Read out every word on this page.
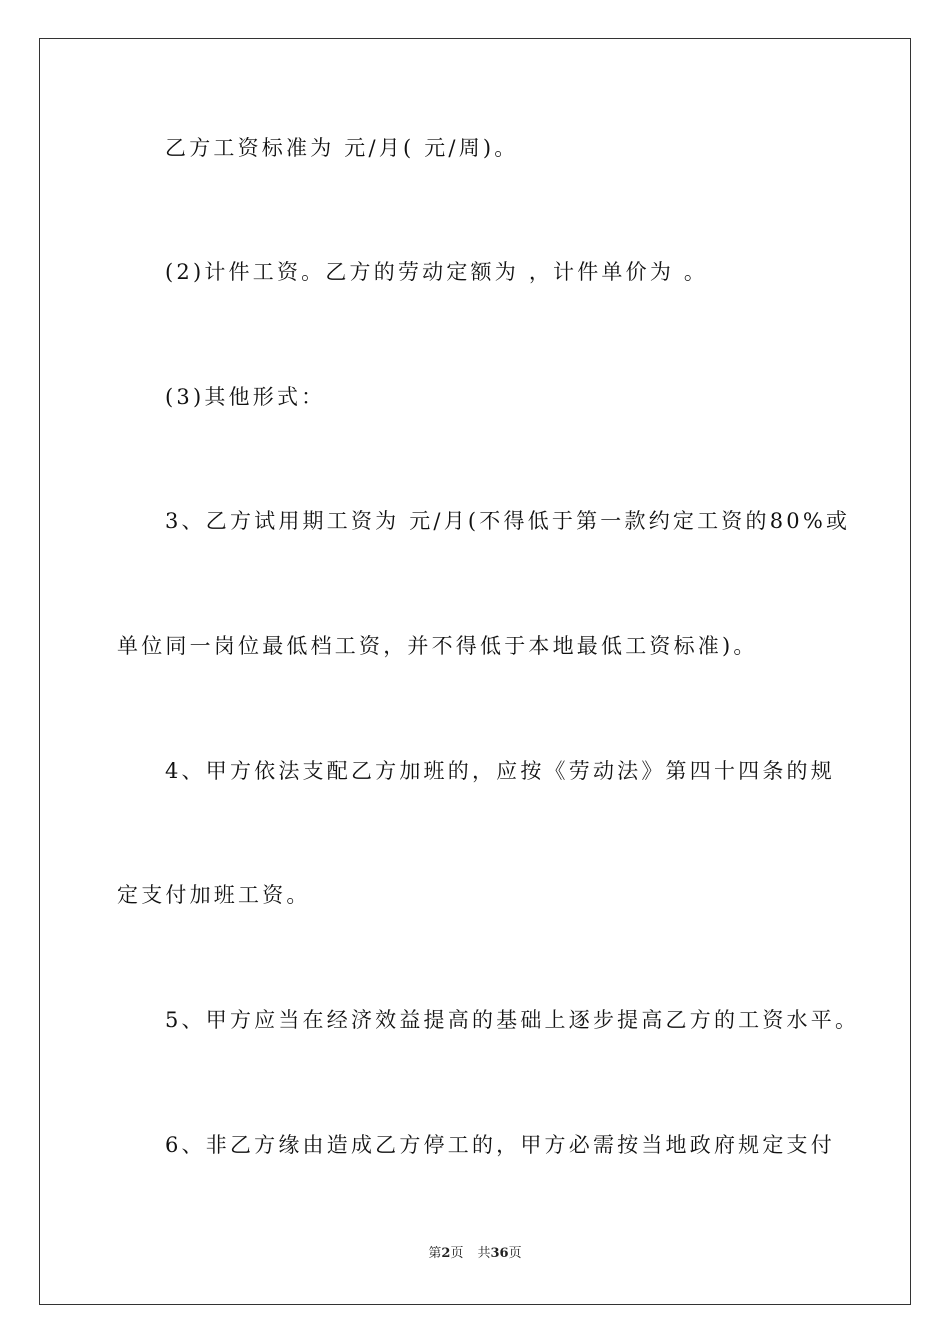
乙方工资标准为 元/月( 元/周)。
(2)计件工资。乙方的劳动定额为 ，计件单价为 。
(3)其他形式：
3、乙方试用期工资为 元/月(不得低于第一款约定工资的80%或
单位同一岗位最低档工资，并不得低于本地最低工资标准)。
4、甲方依法支配乙方加班的，应按《劳动法》第四十四条的规
定支付加班工资。
5、甲方应当在经济效益提高的基础上逐步提高乙方的工资水平。
6、非乙方缘由造成乙方停工的，甲方必需按当地政府规定支付
第2页 共36页
